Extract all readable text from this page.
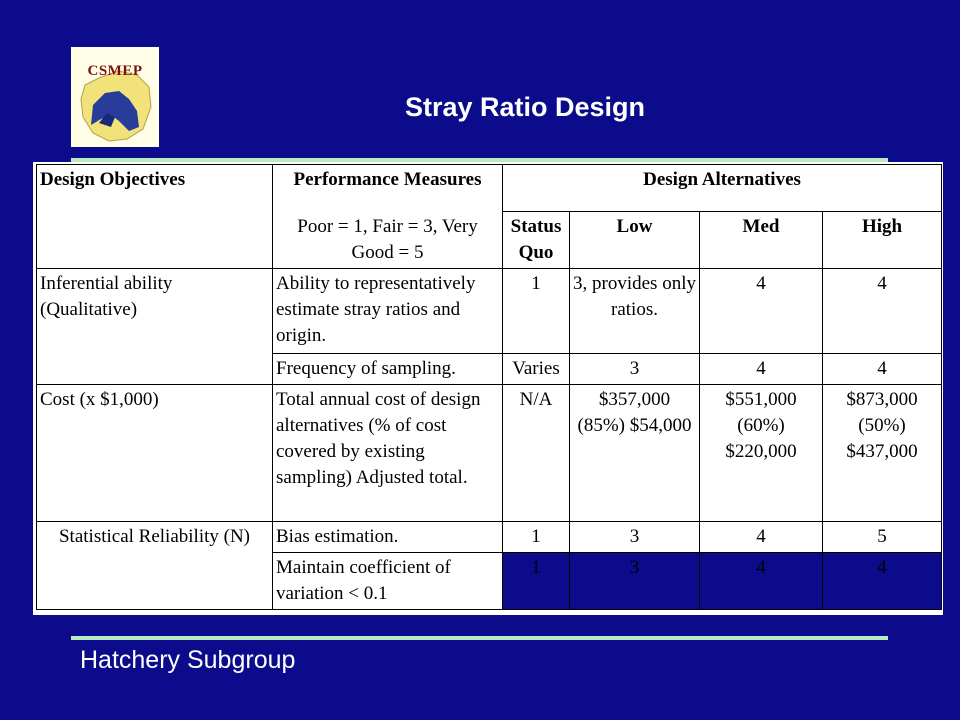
CSMEP
Stray Ratio Design
Design Objectives	Performance Measures	Design Alternatives			
	Poor = 1, Fair = 3, Very Good = 5	Status Quo	Low	Med	High
Inferential ability (Qualitative)	Ability to representatively estimate stray ratios and origin.	1	3, provides only ratios.	4	4
	Frequency of sampling.	Varies	3	4	4
Cost (x $1,000)	Total annual cost of design alternatives (% of cost covered by existing sampling) Adjusted total.	N/A	$357,000 (85%) $54,000	$551,000 (60%) $220,000	$873,000 (50%) $437,000
Statistical Reliability (N)	Bias estimation.	1	3	4	5
	Maintain coefficient of variation < 0.1	1	3	4	4
Hatchery Subgroup
